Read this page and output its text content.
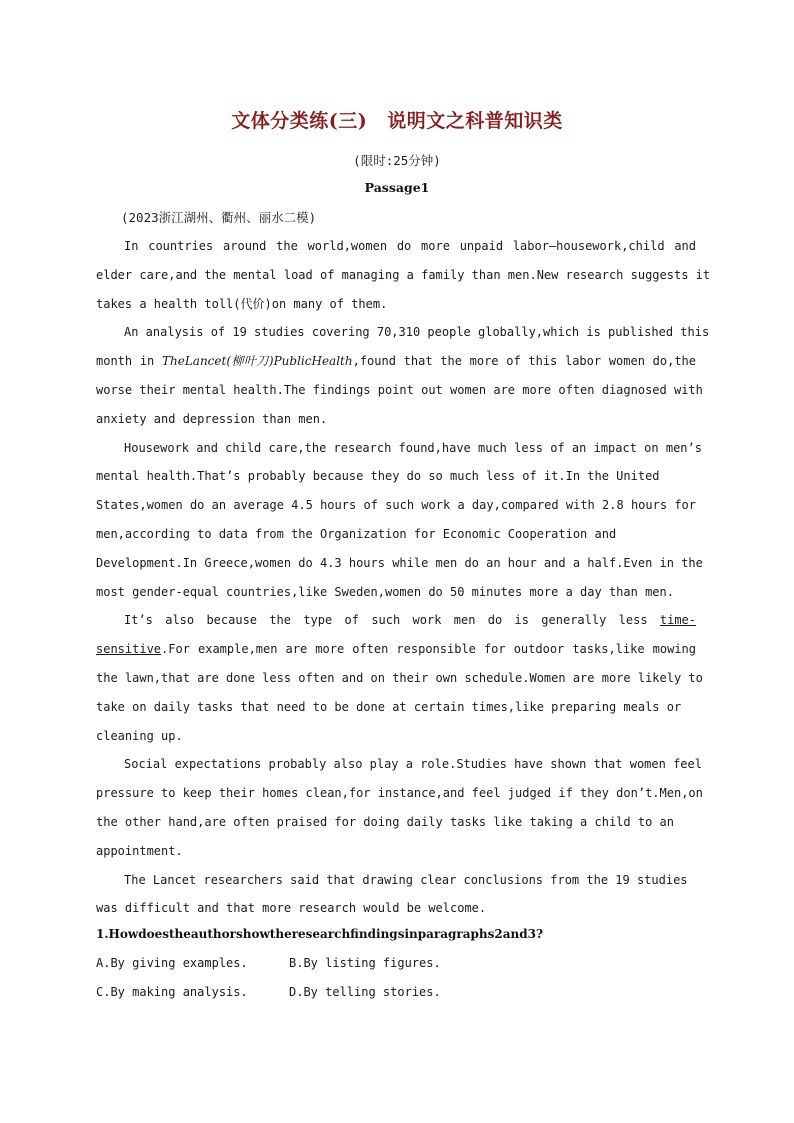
文体分类练(三) 说明文之科普知识类
(限时:25分钟)
Passage1
(2023浙江湖州、衢州、丽水二模)
In countries around the world,women do more unpaid labor—housework,child and
elder care,and the mental load of managing a family than men.New research suggests it
takes a health toll(代价)on many of them.
An analysis of 19 studies covering 70,310 people globally,which is published this
month in TheLancet(柳叶刀)PublicHealth,found that the more of this labor women do,the
worse their mental health.The findings point out women are more often diagnosed with
anxiety and depression than men.
Housework and child care,the research found,have much less of an impact on men’s
mental health.That’s probably because they do so much less of it.In the United
States,women do an average 4.5 hours of such work a day,compared with 2.8 hours for
men,according to data from the Organization for Economic Cooperation and
Development.In Greece,women do 4.3 hours while men do an hour and a half.Even in the
most gender-equal countries,like Sweden,women do 50 minutes more a day than men.
It’s also because the type of such work men do is generally less time-
sensitive.For example,men are more often responsible for outdoor tasks,like mowing
the lawn,that are done less often and on their own schedule.Women are more likely to
take on daily tasks that need to be done at certain times,like preparing meals or
cleaning up.
Social expectations probably also play a role.Studies have shown that women feel
pressure to keep their homes clean,for instance,and feel judged if they don’t.Men,on
the other hand,are often praised for doing daily tasks like taking a child to an
appointment.
The Lancet researchers said that drawing clear conclusions from the 19 studies
was difficult and that more research would be welcome.
1.Howdoestheauthorshowtheresearchfindingsinparagraphs2and3?
A.By giving examples.	B.By listing figures.
C.By making analysis.	D.By telling stories.
